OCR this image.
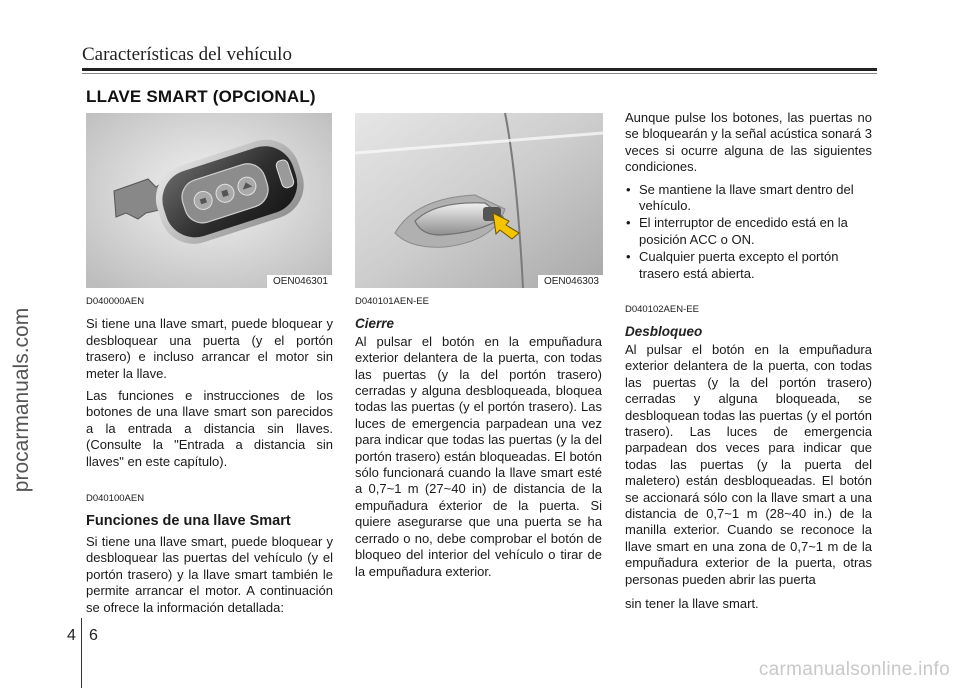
Características del vehículo
LLAVE SMART (OPCIONAL)
procarmanuals.com
OEN046301	OEN046303
D040000AEN

Si tiene una llave smart, puede bloquear y desbloquear una puerta (y el portón trasero) e incluso arrancar el motor sin meter la llave.

Las funciones e instrucciones de los botones de una llave smart son parecidos a la entrada a distancia sin llaves. (Consulte la "Entrada a distancia sin llaves" en este capítulo).

D040100AEN
Funciones de una llave Smart

Si tiene una llave smart, puede bloquear y desbloquear las puertas del vehículo (y el portón trasero) y la llave smart también le permite arrancar el motor. A continuación se ofrece la información detallada:

D040101AEN-EE
Cierre

Al pulsar el botón en la empuñadura exterior delantera de la puerta, con todas las puertas (y la del portón trasero) cerradas y alguna desbloqueada, bloquea todas las puertas (y el portón trasero). Las luces de emergencia parpadean una vez para indicar que todas las puertas (y la del portón trasero) están bloqueadas. El botón sólo funcionará cuando la llave smart esté a 0,7~1 m (27~40 in) de distancia de la empuñadura éxterior de la puerta. Si quiere asegurarse que una puerta se ha cerrado o no, debe comprobar el botón de bloqueo del interior del vehículo o tirar de la empuñadura exterior.

Aunque pulse los botones, las puertas no se bloquearán y la señal acústica sonará 3 veces si ocurre alguna de las siguientes condiciones.

• Se mantiene la llave smart dentro del vehículo.
• El interruptor de encedido está en la posición ACC o ON.
• Cualquier puerta excepto el portón trasero está abierta.
D040102AEN-EE
Desbloqueo

Al pulsar el botón en la empuñadura exterior delantera de la puerta, con todas las puertas (y la del portón trasero) cerradas y alguna bloqueada, se desbloquean todas las puertas (y el portón trasero). Las luces de emergencia parpadean dos veces para indicar que todas las puertas (y la puerta del maletero) están desbloqueadas. El botón se accionará sólo con la llave smart a una distancia de 0,7~1 m (28~40 in.) de la manilla exterior. Cuando se reconoce la llave smart en una zona de 0,7~1 m de la empuñadura exterior de la puerta, otras personas pueden abrir las puerta

sin tener la llave smart.

4 6
carmanualsonline.info
